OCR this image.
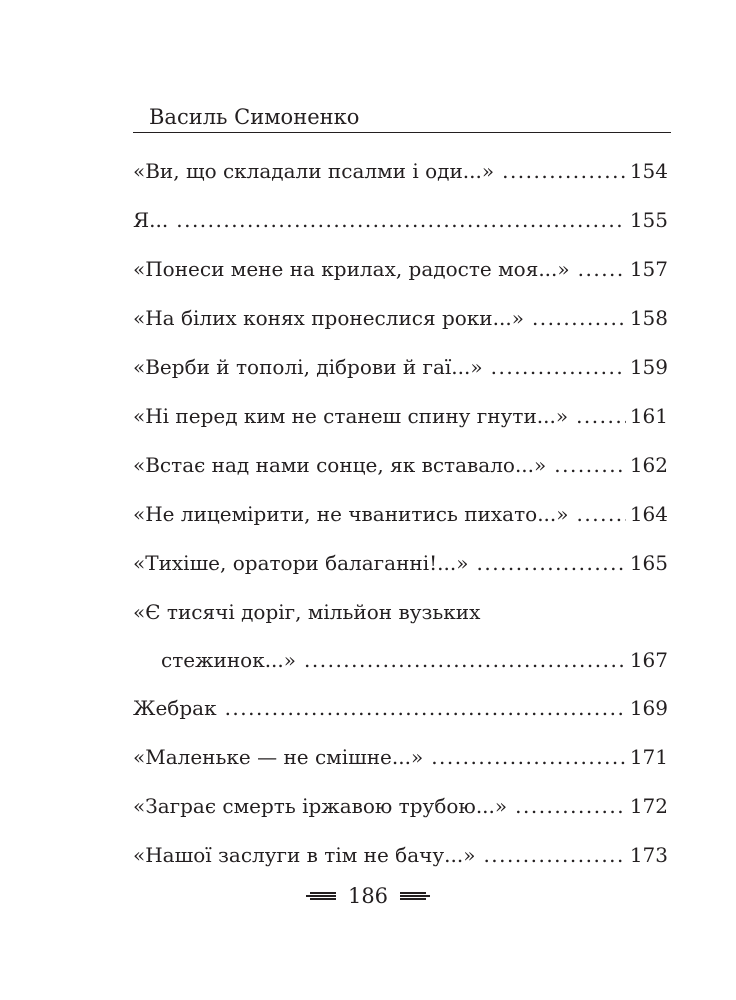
Василь Симоненко
«Ви, що складали псалми і оди...» .....	154
Я... .....	155
«Понеси мене на крилах, радосте моя...» .....	157
«На білих конях пронеслися роки...» .....	158
«Верби й тополі, діброви й гаї...» .....	159
«Ні перед ким не станеш спину гнути...» .....	161
«Встає над нами сонце, як вставало...» .....	162
«Не лицемірити, не чванитись пихато...» .....	164
«Тихіше, оратори балаганні!...» .....	165
«Є тисячі доріг, мільйон вузьких
стежинок...» .....	167
Жебрак .....	169
«Маленьке — не смішне...» .....	171
«Заграє смерть іржавою трубою...» .....	172
«Нашої заслуги в тім не бачу...» .....	173
186
